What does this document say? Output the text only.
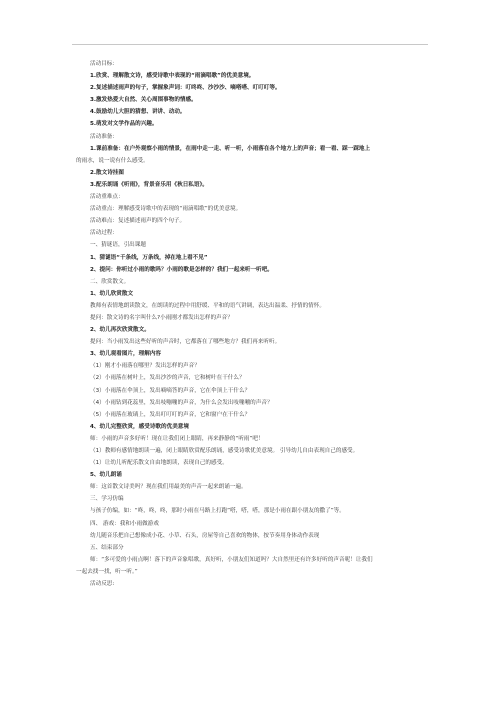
活动目标：
1.欣赏、理解散文诗，感受诗歌中表现的“雨滴唱歌”的优美意境。
2.复述描述雨声的句子，掌握象声词：叮咚咚、沙沙沙、嘀嗒嗒、叮叮叮等。
3.激发热爱大自然、关心周围事物的情感。
4.鼓励幼儿大胆的猜想、讲讲、动动。
5.萌发对文学作品的兴趣。
活动准备：
1.课前准备：在户外观察小雨的情景，在雨中走一走、听一听，小雨落在各个地方上的声音；看一看、踩一踩地上
的雨水，说一说有什么感受。
2.散文诗挂图
3.配乐朗诵《听雨》，背景音乐用《秋日私语》。
活动重难点：
活动重点：理解感受诗歌中的表现的“雨滴唱歌”的优美意境。
活动难点：复述描述雨声的四个句子。
活动过程：
一、猜谜语，引出课题
1、猜谜语“千条线，万条线，掉在地上看不见”
2、提问：你听过小雨的歌吗？小雨的歌是怎样的？我们一起来听一听吧。
二、欣赏散文。
1、幼儿欣赏散文
教师有表情地朗读散文，在朗读的过程中用舒缓、平和的语气讲调，表达出温柔、抒情的情怀。
提问：散文诗的名字叫什么?小雨刚才都发出怎样的声音？
2、幼儿再次欣赏散文。
提问：当小雨发出这些好听的声音时，它都落在了哪些地方？我们再来听听。
3、幼儿观看图片，理解内容
（1）刚才小雨落在哪里？发出怎样的声音？
（2）小雨落在树叶上，发出沙沙的声音，它和树叶在干什么？
（3）小雨落在伞顶上，发出嘀嘀答的声音，它在伞顶上干什么？
（4）小雨钻到花蕊里，发出吱嘣嘣的声音，为什么会发出吱嘣嘣的声音？
（5）小雨落在玻璃上，发出叮叮叮的声音，它和窗户在干什么？
4、幼儿完整欣赏，感受诗歌的优美意境
师：小雨的声音多好听！现在让我们闭上眼睛，再来静静的“听雨”吧！
（1）教师有感情地朗读一遍，闭上眼睛欣赏配乐朗诵，感受诗歌优美意境。 引导幼儿自由表现自己的感受。
（1）让幼儿听配乐散文自由地朗读，表现自己的感受。
5、幼儿朗诵
师：这首散文诗美吗？现在我们用最美的声音一起来朗诵一遍。
三、学习仿编
与孩子仿编，如：“咚，咚，咚，那时小雨在马路上打跑”嗒，嗒，嗒，那是小雨在跟小朋友的撒了”等。
四、 游戏：我和小雨做游戏
幼儿随音乐把自己想像成小花、小草、石头，房屋等自己喜欢的物体，按节奏用身体动作表现
五、结束部分
师：“多可爱的小雨点啊！落下的声音象唱歌，真好听，小朋友们知道吗？大自然里还有许多好听的声音呢！让我们
一起去找一找，听一听。”
活动反思:
